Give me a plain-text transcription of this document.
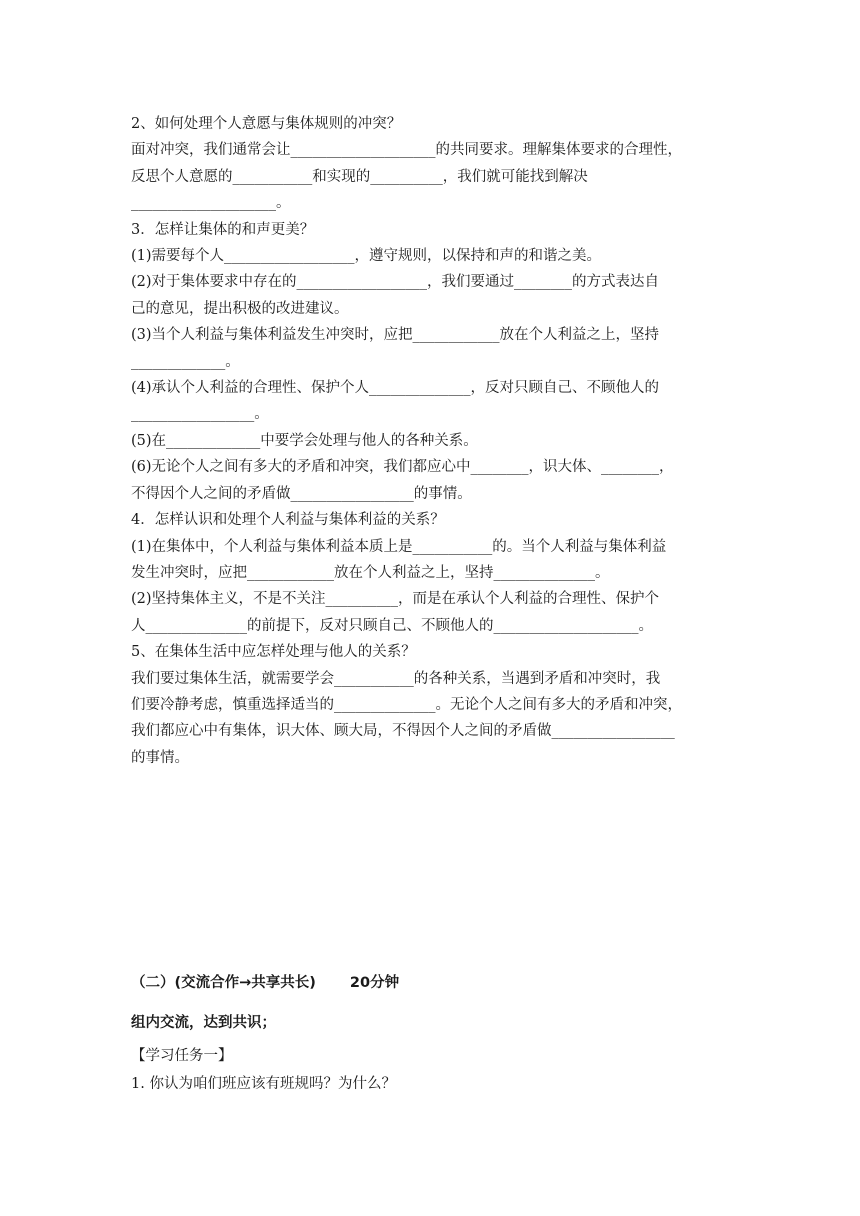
2、如何处理个人意愿与集体规则的冲突？
面对冲突，我们通常会让____________________的共同要求。理解集体要求的合理性，
反思个人意愿的___________和实现的__________，我们就可能找到解决
____________________。
3．怎样让集体的和声更美？
(1)需要每个人__________________，遵守规则，以保持和声的和谐之美。
(2)对于集体要求中存在的__________________，我们要通过________的方式表达自
己的意见，提出积极的改进建议。
(3)当个人利益与集体利益发生冲突时，应把____________放在个人利益之上，坚持
_____________。
(4)承认个人利益的合理性、保护个人______________，反对只顾自己、不顾他人的
_________________。
(5)在_____________中要学会处理与他人的各种关系。
(6)无论个人之间有多大的矛盾和冲突，我们都应心中________，识大体、________，
不得因个人之间的矛盾做_________________的事情。
4．怎样认识和处理个人利益与集体利益的关系？
(1)在集体中，个人利益与集体利益本质上是___________的。当个人利益与集体利益
发生冲突时，应把____________放在个人利益之上，坚持______________。
(2)坚持集体主义，不是不关注__________，而是在承认个人利益的合理性、保护个
人______________的前提下，反对只顾自己、不顾他人的____________________。
5、在集体生活中应怎样处理与他人的关系？
我们要过集体生活，就需要学会___________的各种关系，当遇到矛盾和冲突时，我
们要冷静考虑，慎重选择适当的______________。无论个人之间有多大的矛盾和冲突，
我们都应心中有集体，识大体、顾大局，不得因个人之间的矛盾做_________________
的事情。
（二）(交流合作→共享共长) 20分钟
组内交流，达到共识；
【学习任务一】
1. 你认为咱们班应该有班规吗？为什么？
